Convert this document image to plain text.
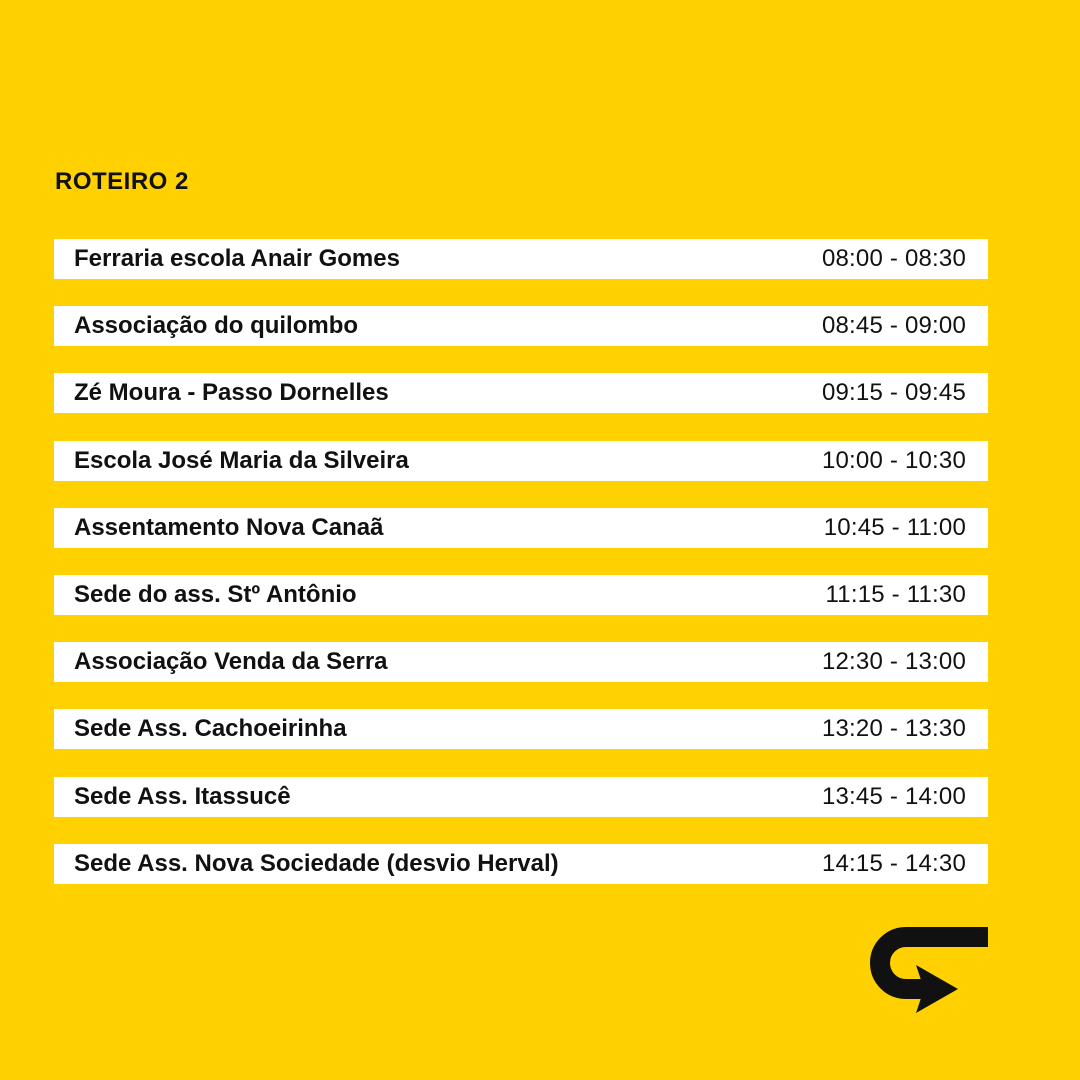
ROTEIRO 2
Ferraria escola Anair Gomes	08:00 - 08:30
Associação do quilombo	08:45 - 09:00
Zé Moura - Passo Dornelles	09:15 - 09:45
Escola José Maria da Silveira	10:00 - 10:30
Assentamento Nova Canaã	10:45 - 11:00
Sede do ass. Stº Antônio	11:15 - 11:30
Associação Venda da Serra	12:30 - 13:00
Sede Ass. Cachoeirinha	13:20 - 13:30
Sede Ass. Itassucê	13:45 - 14:00
Sede Ass. Nova Sociedade (desvio Herval)	14:15 - 14:30
